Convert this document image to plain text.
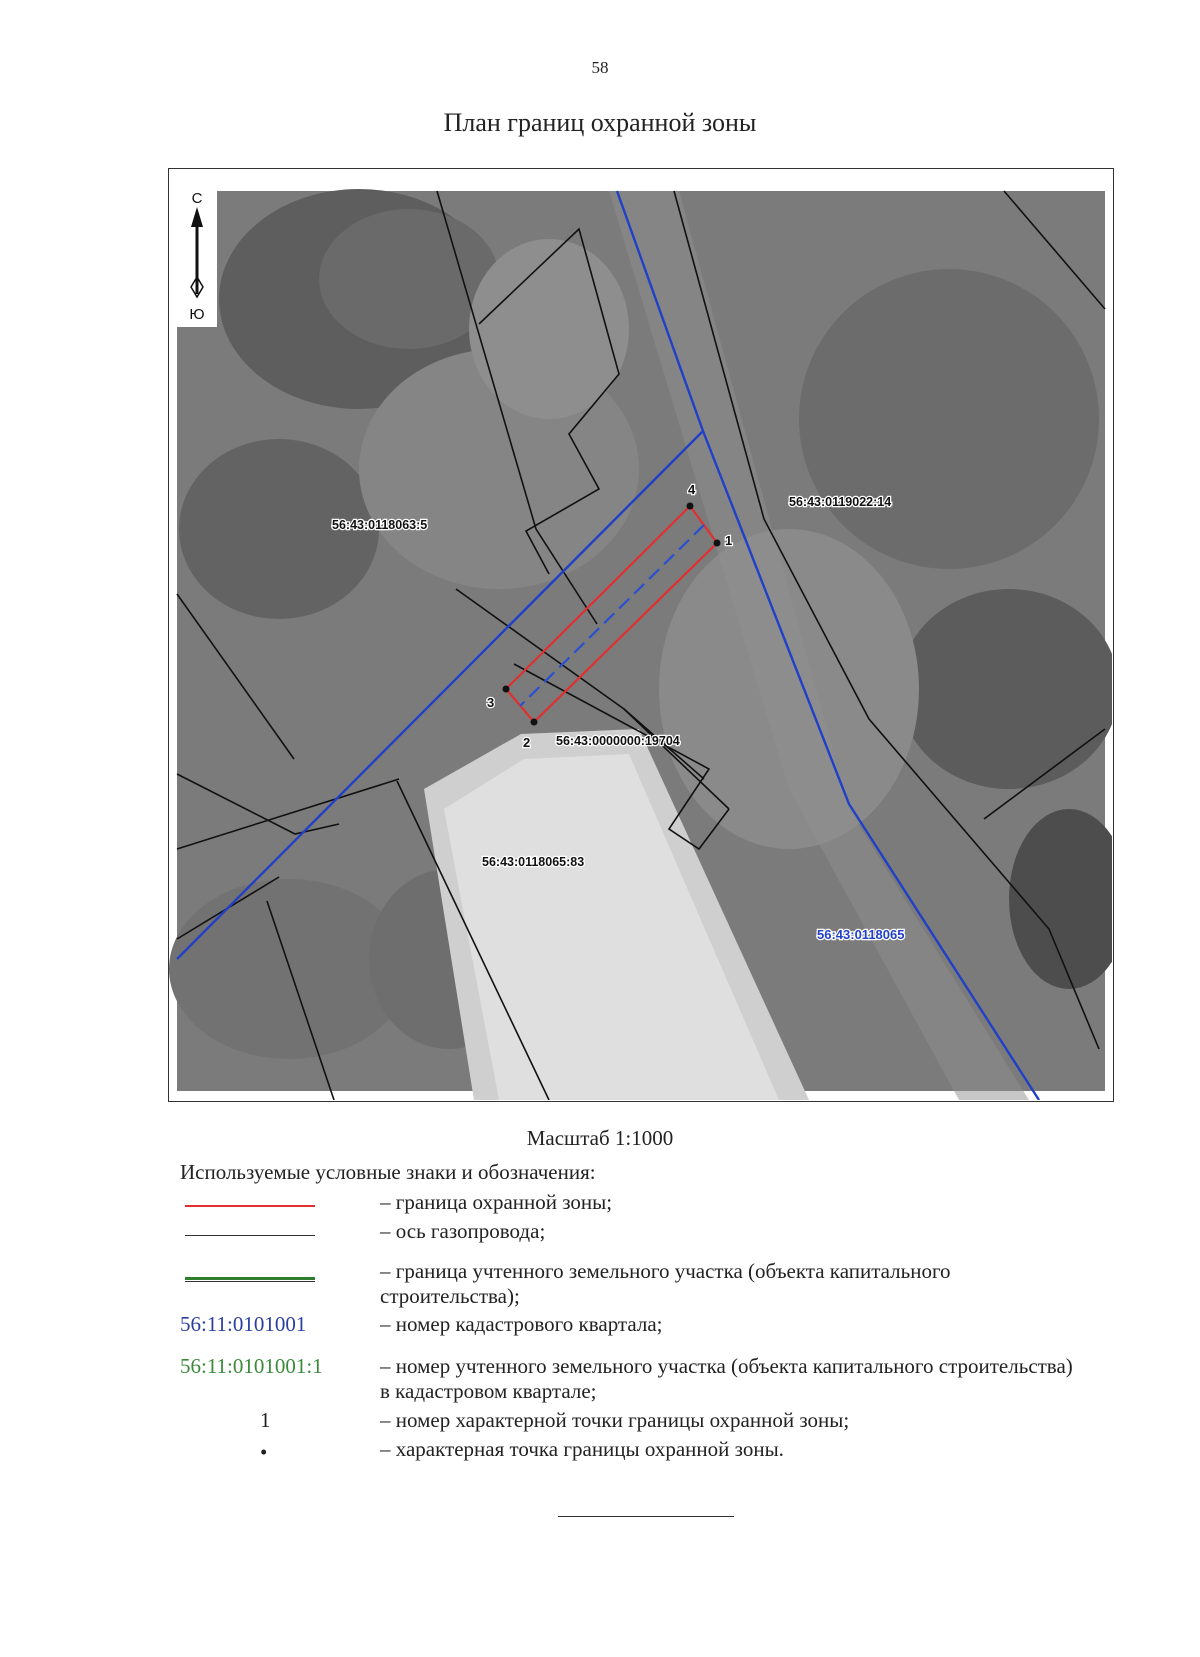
58
План границ охранной зоны
1
2
3
4
56:43:0118063:5
56:43:0119022:14
56:43:0000000:19704
56:43:0118065:83
56:43:0118065
С
Ю
Масштаб 1:1000
Используемые условные знаки и обозначения:
– граница охранной зоны;
– ось газопровода;
– граница учтенного земельного участка (объекта капитального строительства);
56:11:0101001	– номер кадастрового квартала;
56:11:0101001:1	– номер учтенного земельного участка (объекта капитального строительства) в кадастровом квартале;
1	– номер характерной точки границы охранной зоны;
•	– характерная точка границы охранной зоны.
